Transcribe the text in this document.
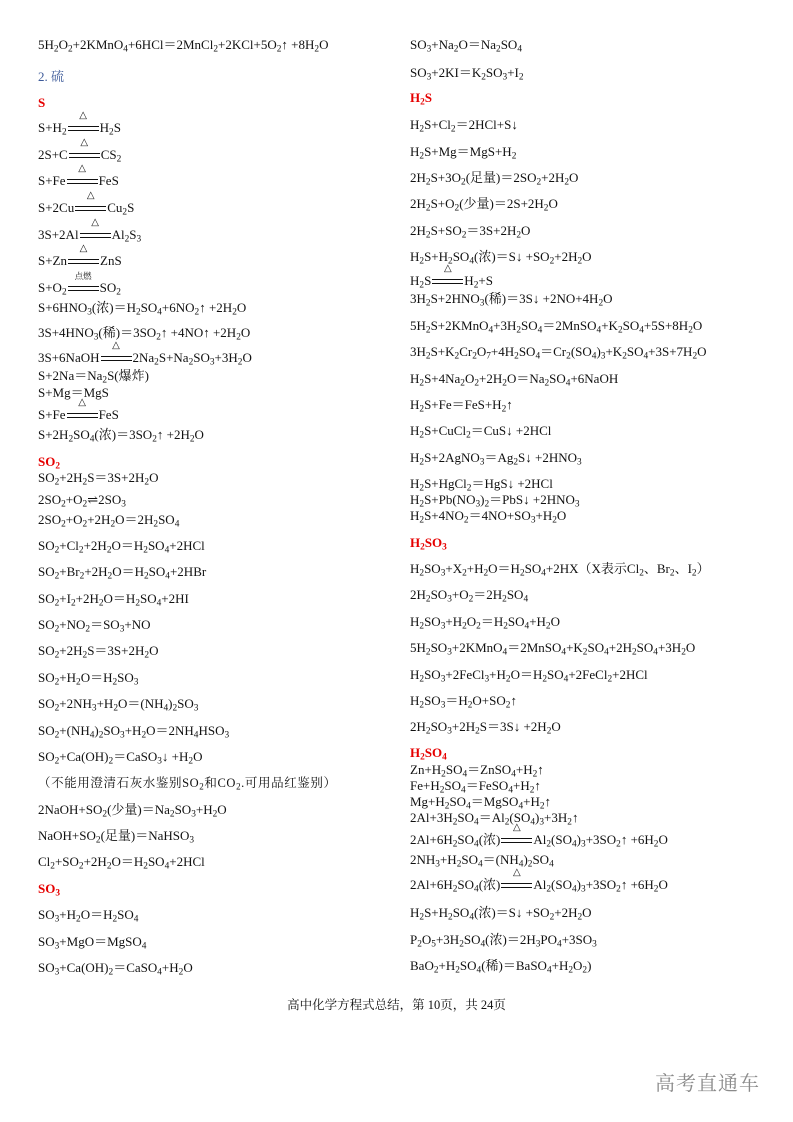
$5H_2O_2+2KMnO_4+6HCl=2MnCl_2+2KCl+5O_2↑ +8H_2O$
2. 硫
S
$S+H_2$
△
$H_2S$
2S+C
△
$CS_2$
S+Fe
△
FeS
S+2Cu
△
$Cu_2S$
3S+2Al
△
$Al_2S_3$
S+Zn
△
ZnS
$S+O_2$
点燃
$SO_2$
$S+6HNO_3$(浓)$=H_2SO_4+6NO_2↑ +2H_2O$
$3S+4HNO_3$(稀)$=3SO_2↑$ +4NO↑ $+2H_2O$
3S+6NaOH
△
$2Na_2S+Na_2SO_3+3H_2O$
$S+2Na=Na_2S$(爆炸)
S+Mg＝MgS
S+Fe
△
FeS
$S+2H_2SO_4$(浓)$=3SO_2↑ +2H_2O$
$SO_2$
$SO_2+2H_2S=3S+2H_2O$
$2SO_2+O_2\rightleftharpoons 2SO_3$
$2SO_2+O_2+2H_2O=2H_2SO_4$
$SO_2+Cl_2+2H_2O=H_2SO_4+2HCl$
$SO_2+Br_2+2H_2O=H_2SO_4+2HBr$
$SO_2+I_2+2H_2O=H_2SO_4+2HI$
$SO_2+NO_2=SO_3+NO$
$SO_2+2H_2S=3S+2H_2O$
$SO_2+H_2O=H_2SO_3$
$SO_2+2NH_3+H_2O=(NH_4)_2SO_3$
$SO_2+(NH_4)_2SO_3+H_2O=2NH_4HSO_3$
$SO_2+Ca(OH)_2=CaSO_3↓ +H_2O$
（不能用澄清石灰水鉴别$SO_2$和$CO_2$.可用品红鉴别）
$2NaOH+SO_2$(少量)$=Na_2SO_3+H_2O$
$NaOH+SO_2$(足量)＝NaHSO$_3$
$Cl_2+SO_2+2H_2O=H_2SO_4+2HCl$
$SO_3$
$SO_3+H_2O=H_2SO_4$
$SO_3+MgO=MgSO_4$
$SO_3+Ca(OH)_2=CaSO_4+H_2O$
$SO_3+Na_2O=Na_2SO_4$
$SO_3+2KI=K_2SO_3+I_2$
$H_2S$
$H_2S+Cl_2=2HCl+S↓$
$H_2S+Mg=MgS+H_2$
$2H_2S+3O_2$(足量)$=2SO_2+2H_2O$
$2H_2S+O_2$(少量)$=2S+2H_2O$
$2H_2S+SO_2=3S+2H_2O$
$H_2S+H_2SO_4$(浓)＝S↓ $+SO_2+2H_2O$
$H_2S$
△
$H_2+S$
$3H_2S+2HNO_3$(稀)＝3S↓ $+2NO+4H_2O$
$5H_2S+2KMnO_4+3H_2SO_4=2MnSO_4+K_2SO_4+5S+8H_2O$
$3H_2S+K_2Cr_2O_7+4H_2SO_4=Cr_2(SO_4)_3+K_2SO_4+3S+7H_2O$
$H_2S+4Na_2O_2+2H_2O=Na_2SO_4+6NaOH$
$H_2S+Fe=FeS+H_2↑$
$H_2S+CuCl_2=CuS↓ +2HCl$
$H_2S+2AgNO_3=Ag_2S↓ +2HNO_3$
$H_2S+HgCl_2=HgS↓ +2HCl$
$H_2S+Pb(NO_3)_2=PbS↓ +2HNO_3$
$H_2S+4NO_2=4NO+SO_3+H_2O$
$H_2SO_3$
$H_2SO_3+X_2+H_2O=H_2SO_4+2HX(X$表示$Cl_2$、$Br_2$、$I_2$）
$2H_2SO_3+O_2=2H_2SO_4$
$H_2SO_3+H_2O_2=H_2SO_4+H_2O$
$5H_2SO_3+2KMnO_4=2MnSO_4+K_2SO_4+2H_2SO_4+3H_2O$
$H_2SO_3+2FeCl_3+H_2O=H_2SO_4+2FeCl_2+2HCl$
$H_2SO_3=H_2O+SO_2↑$
$2H_2SO_3+2H_2S=3S↓ +2H_2O$
$H_2SO_4$
$Zn+H_2SO_4=ZnSO_4+H_2↑$
$Fe+H_2SO_4=FeSO_4+H_2↑$
$Mg+H_2SO_4=MgSO_4+H_2↑$
$2Al+3H_2SO_4=Al_2(SO_4)_3+3H_2↑$
$2Al+6H_2SO_4$(浓)
△
$Al_2(SO_4)_3+3SO_2↑ +6H_2O$
$2NH_3+H_2SO_4=(NH_4)_2SO_4$
$2Al+6H_2SO_4$(浓)
△
$Al_2(SO_4)_3+3SO_2↑ +6H_2O$
$H_2S+H_2SO_4$(浓)＝S↓ $+SO_2+2H_2O$
$P_2O_5+3H_2SO_4$(浓)$=2H_3PO_4+3SO_3$
$BaO_2+H_2SO_4$(稀)$=BaSO_4+H_2O_2$)
高中化学方程式总结，第 10页，共 24页
高考直通车
